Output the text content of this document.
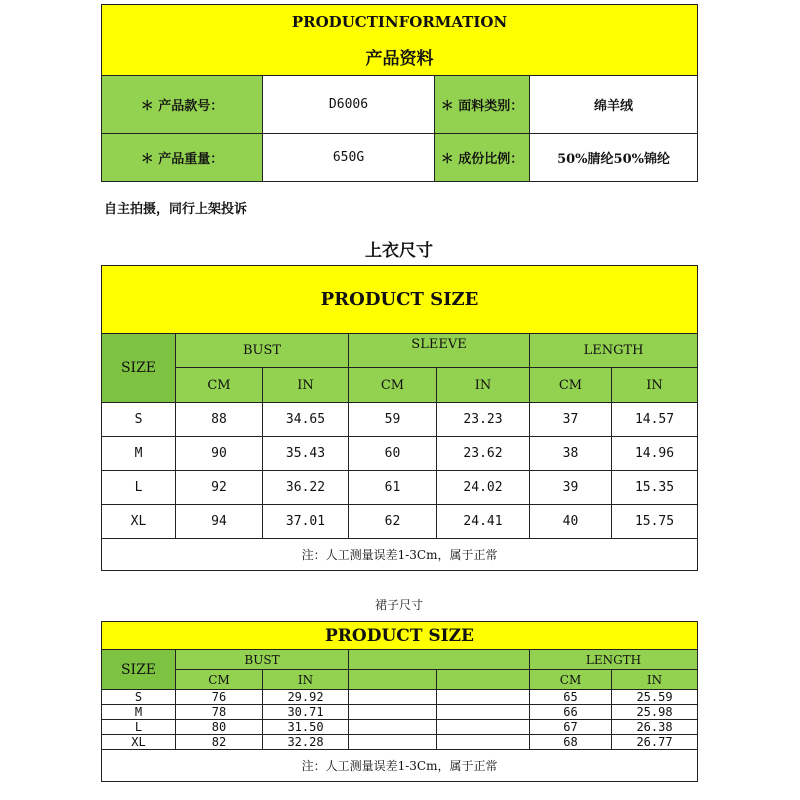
PRODUCTINFORMATION			
产品资料			
＊ 产品款号：	D6006	＊ 面料类别：	绵羊绒
＊ 产品重量：	650G	＊ 成份比例：	50%腈纶50%锦纶
自主拍摄，同行上架投诉
上衣尺寸
PRODUCT SIZE						
SIZE	BUST		SLEEVE		LENGTH	
	CM	IN	CM	IN	CM	IN
S	88	34.65	59	23.23	37	14.57
M	90	35.43	60	23.62	38	14.96
L	92	36.22	61	24.02	39	15.35
XL	94	37.01	62	24.41	40	15.75
注：人工测量误差1-3Cm，属于正常						
裙子尺寸
PRODUCT SIZE						
SIZE	BUST				LENGTH	
	CM	IN			CM	IN
S	76	29.92			65	25.59
M	78	30.71			66	25.98
L	80	31.50			67	26.38
XL	82	32.28			68	26.77
注：人工测量误差1-3Cm，属于正常						
